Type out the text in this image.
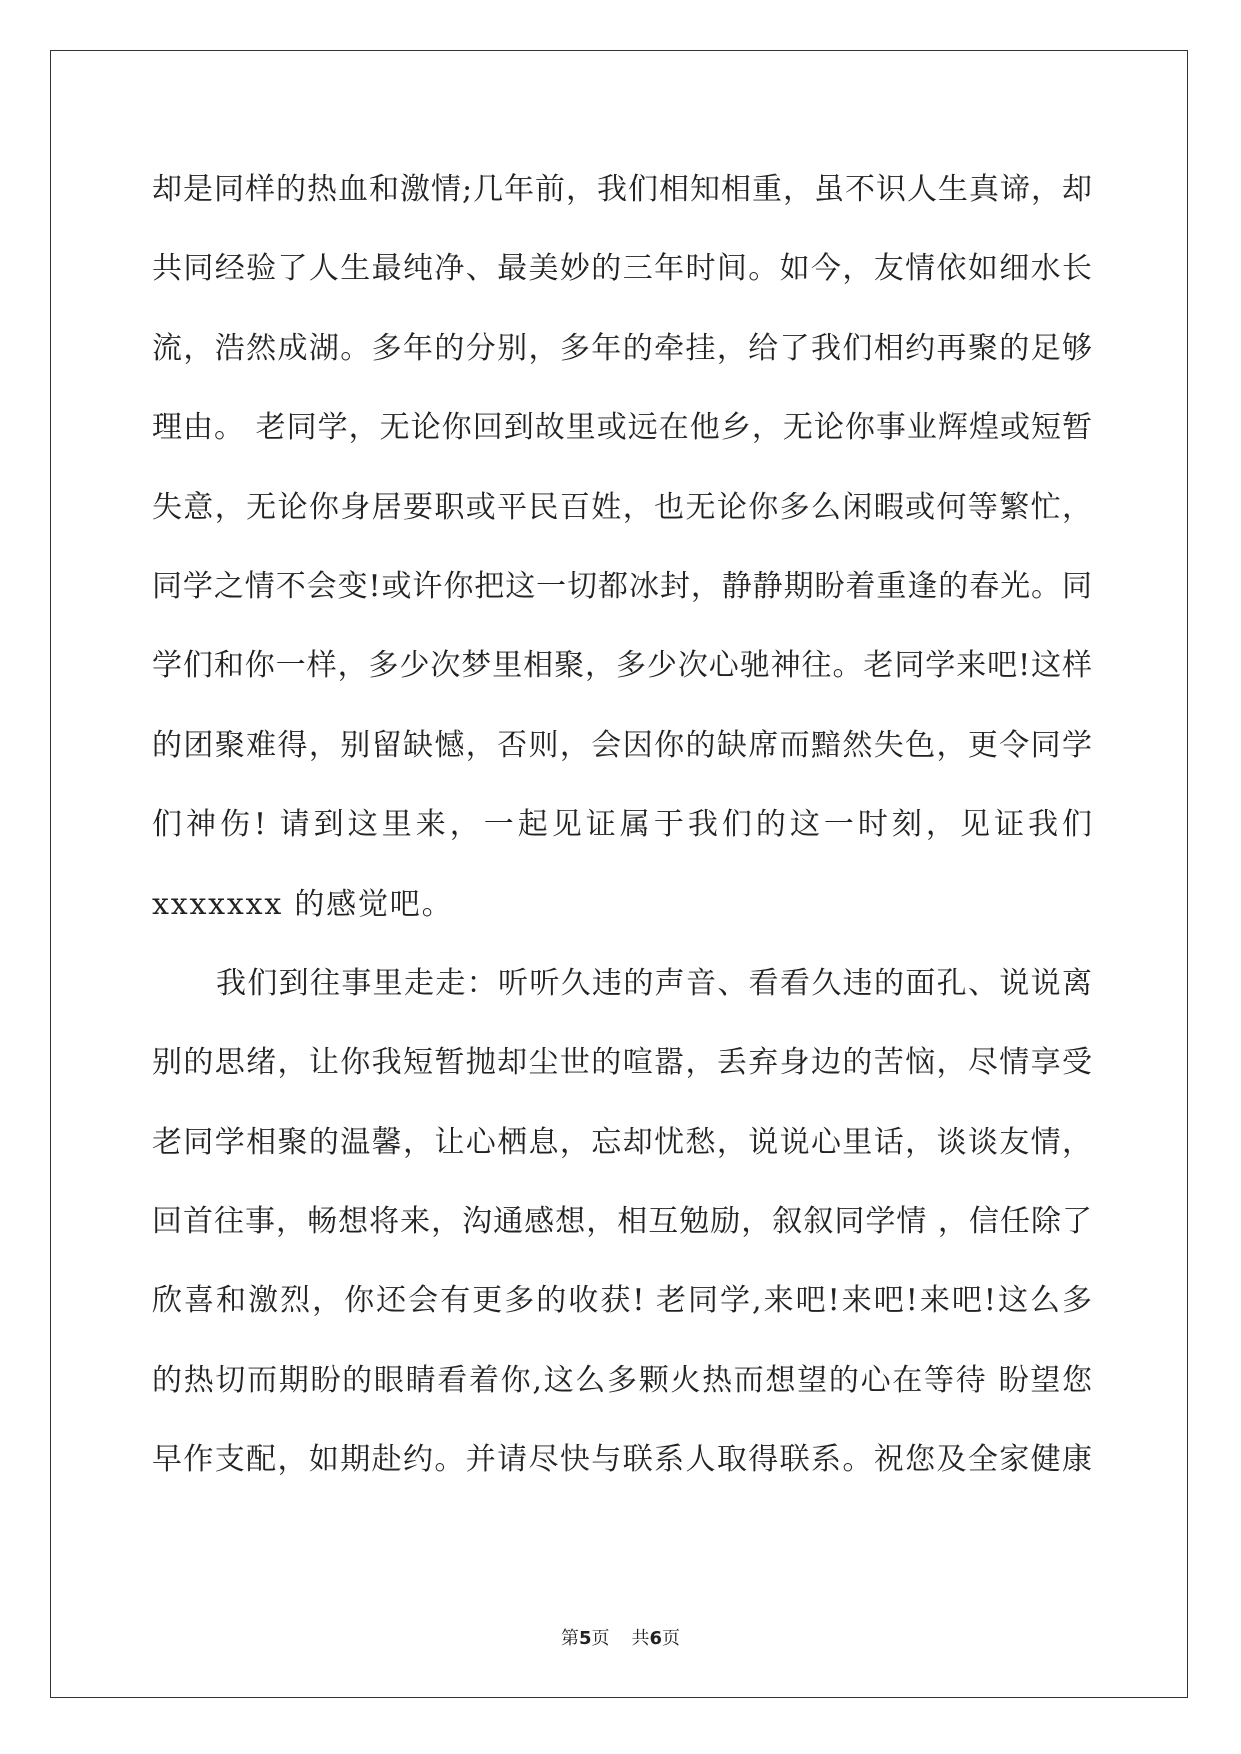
却是同样的热血和激情;几年前，我们相知相重，虽不识人生真谛，却
共同经验了人生最纯净、最美妙的三年时间。如今，友情依如细水长
流，浩然成湖。多年的分别，多年的牵挂，给了我们相约再聚的足够
理由。 老同学，无论你回到故里或远在他乡，无论你事业辉煌或短暂
失意，无论你身居要职或平民百姓，也无论你多么闲暇或何等繁忙，
同学之情不会变!或许你把这一切都冰封，静静期盼着重逢的春光。同
学们和你一样，多少次梦里相聚，多少次心驰神往。老同学来吧!这样
的团聚难得，别留缺憾，否则，会因你的缺席而黯然失色，更令同学
们神伤! 请到这里来，一起见证属于我们的这一时刻，见证我们
xxxxxxx 的感觉吧。
我们到往事里走走：听听久违的声音、看看久违的面孔、说说离
别的思绪，让你我短暂抛却尘世的喧嚣，丢弃身边的苦恼，尽情享受
老同学相聚的温馨，让心栖息，忘却忧愁，说说心里话，谈谈友情，
回首往事，畅想将来，沟通感想，相互勉励，叙叙同学情 ，信任除了
欣喜和激烈，你还会有更多的收获! 老同学,来吧!来吧!来吧!这么多
的热切而期盼的眼睛看着你,这么多颗火热而想望的心在等待 盼望您
早作支配，如期赴约。并请尽快与联系人取得联系。祝您及全家健康
第5页 共6页
